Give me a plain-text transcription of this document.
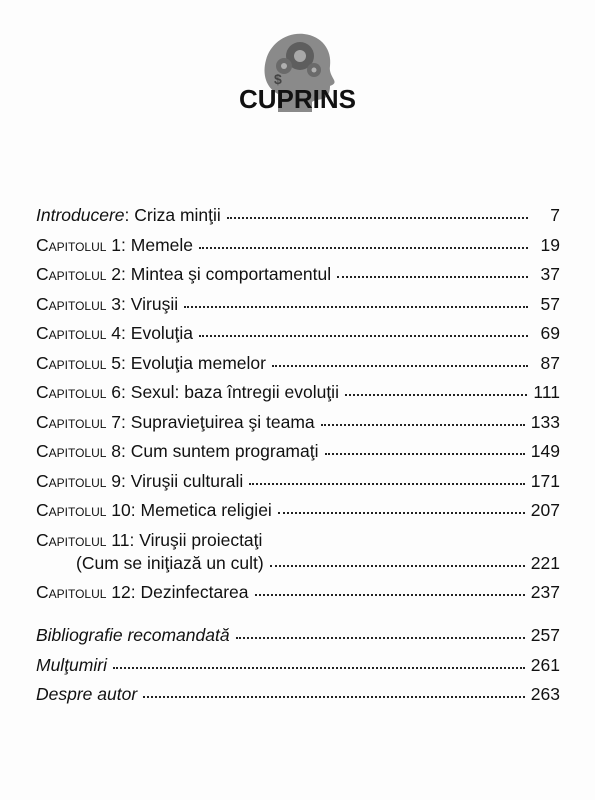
$
CUPRINS
Introducere: Criza minţii	7
Capitolul 1: Memele	19
Capitolul 2: Mintea şi comportamentul	37
Capitolul 3: Viruşii	57
Capitolul 4: Evoluţia	69
Capitolul 5: Evoluţia memelor	87
Capitolul 6: Sexul: baza întregii evoluţii	111
Capitolul 7: Supravieţuirea şi teama	133
Capitolul 8: Cum suntem programaţi	149
Capitolul 9: Viruşii culturali	171
Capitolul 10: Memetica religiei	207
Capitolul 11: Viruşii proiectaţi
(Cum se iniţiază un cult)	221
Capitolul 12: Dezinfectarea	237
Bibliografie recomandată	257
Mulţumiri	261
Despre autor	263
